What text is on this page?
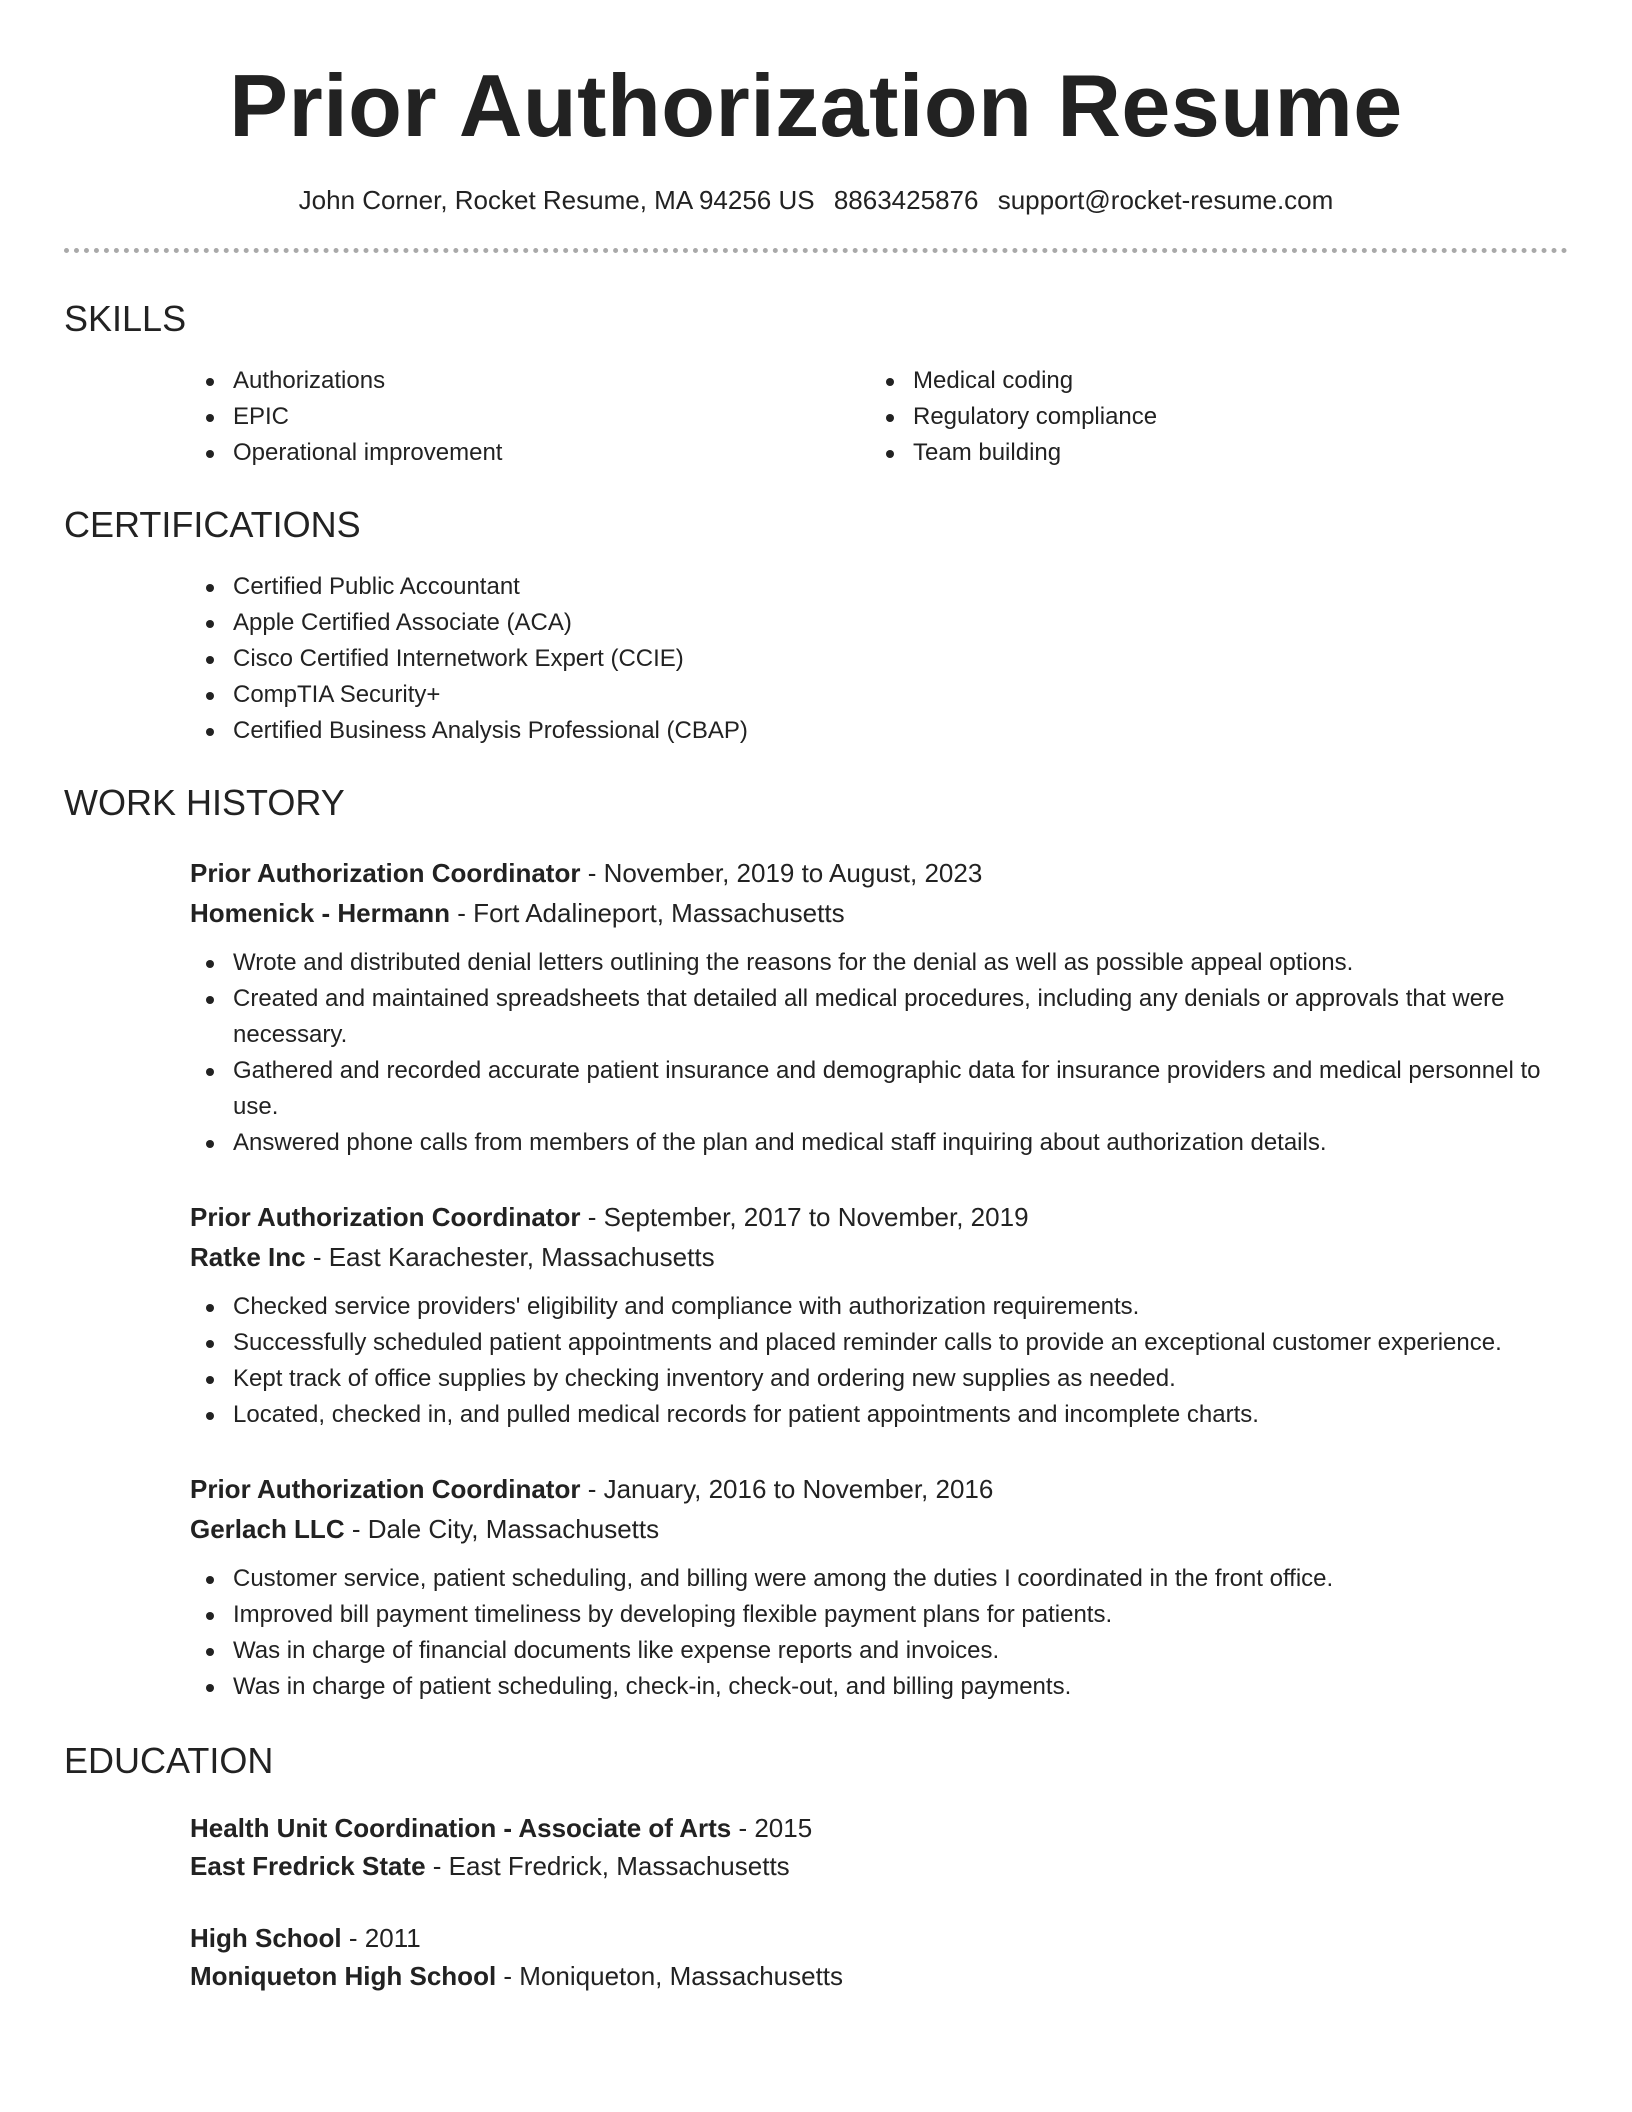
Prior Authorization Resume
John Corner, Rocket Resume, MA 94256 US 8863425876 support@rocket-resume.com
SKILLS
Authorizations
EPIC
Operational improvement
Medical coding
Regulatory compliance
Team building
CERTIFICATIONS
Certified Public Accountant
Apple Certified Associate (ACA)
Cisco Certified Internetwork Expert (CCIE)
CompTIA Security+
Certified Business Analysis Professional (CBAP)
WORK HISTORY
Prior Authorization Coordinator - November, 2019 to August, 2023
Homenick - Hermann - Fort Adalineport, Massachusetts
Wrote and distributed denial letters outlining the reasons for the denial as well as possible appeal options.
Created and maintained spreadsheets that detailed all medical procedures, including any denials or approvals that were necessary.
Gathered and recorded accurate patient insurance and demographic data for insurance providers and medical personnel to use.
Answered phone calls from members of the plan and medical staff inquiring about authorization details.
Prior Authorization Coordinator - September, 2017 to November, 2019
Ratke Inc - East Karachester, Massachusetts
Checked service providers' eligibility and compliance with authorization requirements.
Successfully scheduled patient appointments and placed reminder calls to provide an exceptional customer experience.
Kept track of office supplies by checking inventory and ordering new supplies as needed.
Located, checked in, and pulled medical records for patient appointments and incomplete charts.
Prior Authorization Coordinator - January, 2016 to November, 2016
Gerlach LLC - Dale City, Massachusetts
Customer service, patient scheduling, and billing were among the duties I coordinated in the front office.
Improved bill payment timeliness by developing flexible payment plans for patients.
Was in charge of financial documents like expense reports and invoices.
Was in charge of patient scheduling, check-in, check-out, and billing payments.
EDUCATION
Health Unit Coordination - Associate of Arts - 2015
East Fredrick State - East Fredrick, Massachusetts
High School - 2011
Moniqueton High School - Moniqueton, Massachusetts
